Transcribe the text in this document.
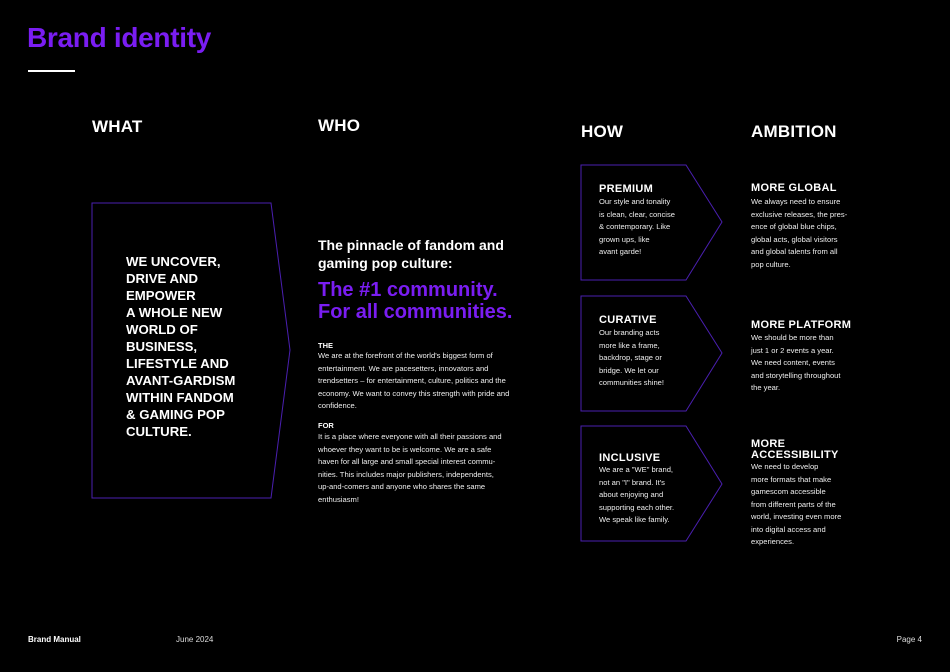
Brand identity
WHAT	WHO	HOW	AMBITION
WE UNCOVER,
DRIVE AND
EMPOWER
A WHOLE NEW
WORLD OF
BUSINESS,
LIFESTYLE AND
AVANT-GARDISM
WITHIN FANDOM
& GAMING POP
CULTURE.
The pinnacle of fandom and
gaming pop culture:
The #1 community.
For all communities.
THE
We are at the forefront of the world's biggest form of
entertainment. We are pacesetters, innovators and
trendsetters – for entertainment, culture, politics and the
economy. We want to convey this strength with pride and
confidence.
FOR
It is a place where everyone with all their passions and
whoever they want to be is welcome. We are a safe
haven for all large and small special interest commu-
nities. This includes major publishers, independents,
up-and-comers and anyone who shares the same
enthusiasm!
PREMIUM
Our style and tonality
is clean, clear, concise
& contemporary. Like
grown ups, like
avant garde!
CURATIVE
Our branding acts
more like a frame,
backdrop, stage or
bridge. We let our
communities shine!
INCLUSIVE
We are a "WE" brand,
not an "I" brand. It's
about enjoying and
supporting each other.
We speak like family.
MORE GLOBAL
We always need to ensure
exclusive releases, the pres-
ence of global blue chips,
global acts, global visitors
and global talents from all
pop culture.
MORE PLATFORM
We should be more than
just 1 or 2 events a year.
We need content, events
and storytelling throughout
the year.
MORE
ACCESSIBILITY
We need to develop
more formats that make
gamescom accessible
from different parts of the
world, investing even more
into digital access and
experiences.
Brand Manual	June 2024	Page 4
